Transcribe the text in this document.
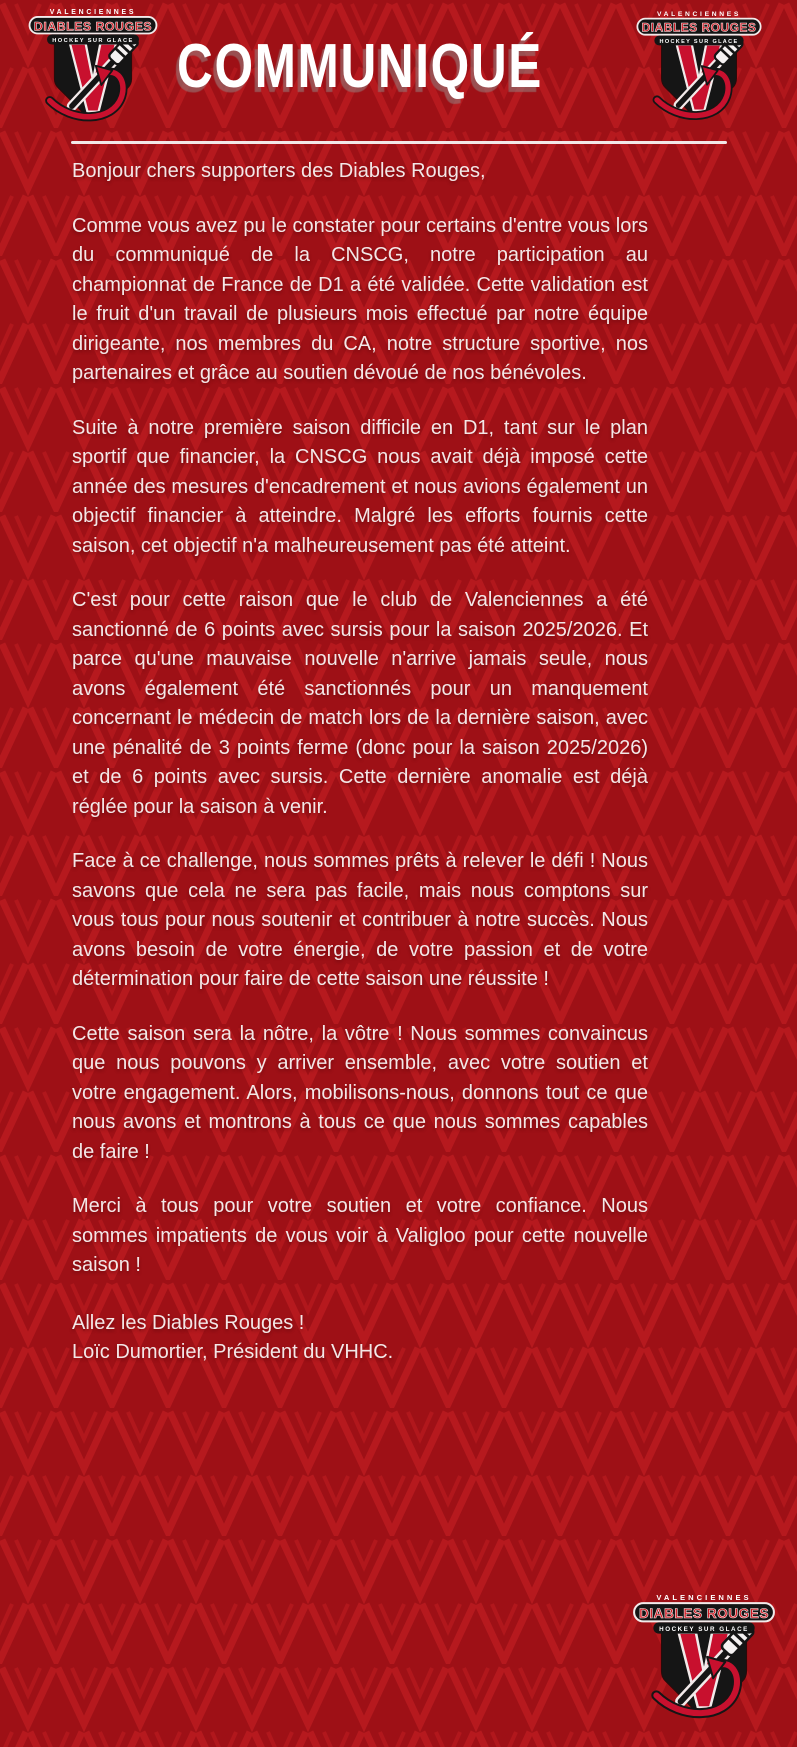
VALENCIENNES
DIABLES ROUGES
HOCKEY SUR GLACE
VALENCIENNES
DIABLES ROUGES
HOCKEY SUR GLACE
COMMUNIQUÉ

Bonjour chers supporters des Diables Rouges,

Comme vous avez pu le constater pour certains d'entre vous lors du communiqué de la CNSCG, notre participation au championnat de France de D1 a été validée. Cette validation est le fruit d'un travail de plusieurs mois effectué par notre équipe dirigeante, nos membres du CA, notre structure sportive, nos partenaires et grâce au soutien dévoué de nos bénévoles.

Suite à notre première saison difficile en D1, tant sur le plan sportif que financier, la CNSCG nous avait déjà imposé cette année des mesures d'encadrement et nous avions également un objectif financier à atteindre. Malgré les efforts fournis cette saison, cet objectif n'a malheureusement pas été atteint.

C'est pour cette raison que le club de Valenciennes a été sanctionné de 6 points avec sursis pour la saison 2025/2026. Et parce qu'une mauvaise nouvelle n'arrive jamais seule, nous avons également été sanctionnés pour un manquement concernant le médecin de match lors de la dernière saison, avec une pénalité de 3 points ferme (donc pour la saison 2025/2026) et de 6 points avec sursis. Cette dernière anomalie est déjà réglée pour la saison à venir.

Face à ce challenge, nous sommes prêts à relever le défi ! Nous savons que cela ne sera pas facile, mais nous comptons sur vous tous pour nous soutenir et contribuer à notre succès. Nous avons besoin de votre énergie, de votre passion et de votre détermination pour faire de cette saison une réussite !

Cette saison sera la nôtre, la vôtre ! Nous sommes convaincus que nous pouvons y arriver ensemble, avec votre soutien et votre engagement. Alors, mobilisons-nous, donnons tout ce que nous avons et montrons à tous ce que nous sommes capables de faire !

Merci à tous pour votre soutien et votre confiance. Nous sommes impatients de vous voir à Valigloo pour cette nouvelle saison !

Allez les Diables Rouges !

Loïc Dumortier, Président du VHHC.

VALENCIENNES
DIABLES ROUGES
HOCKEY SUR GLACE
